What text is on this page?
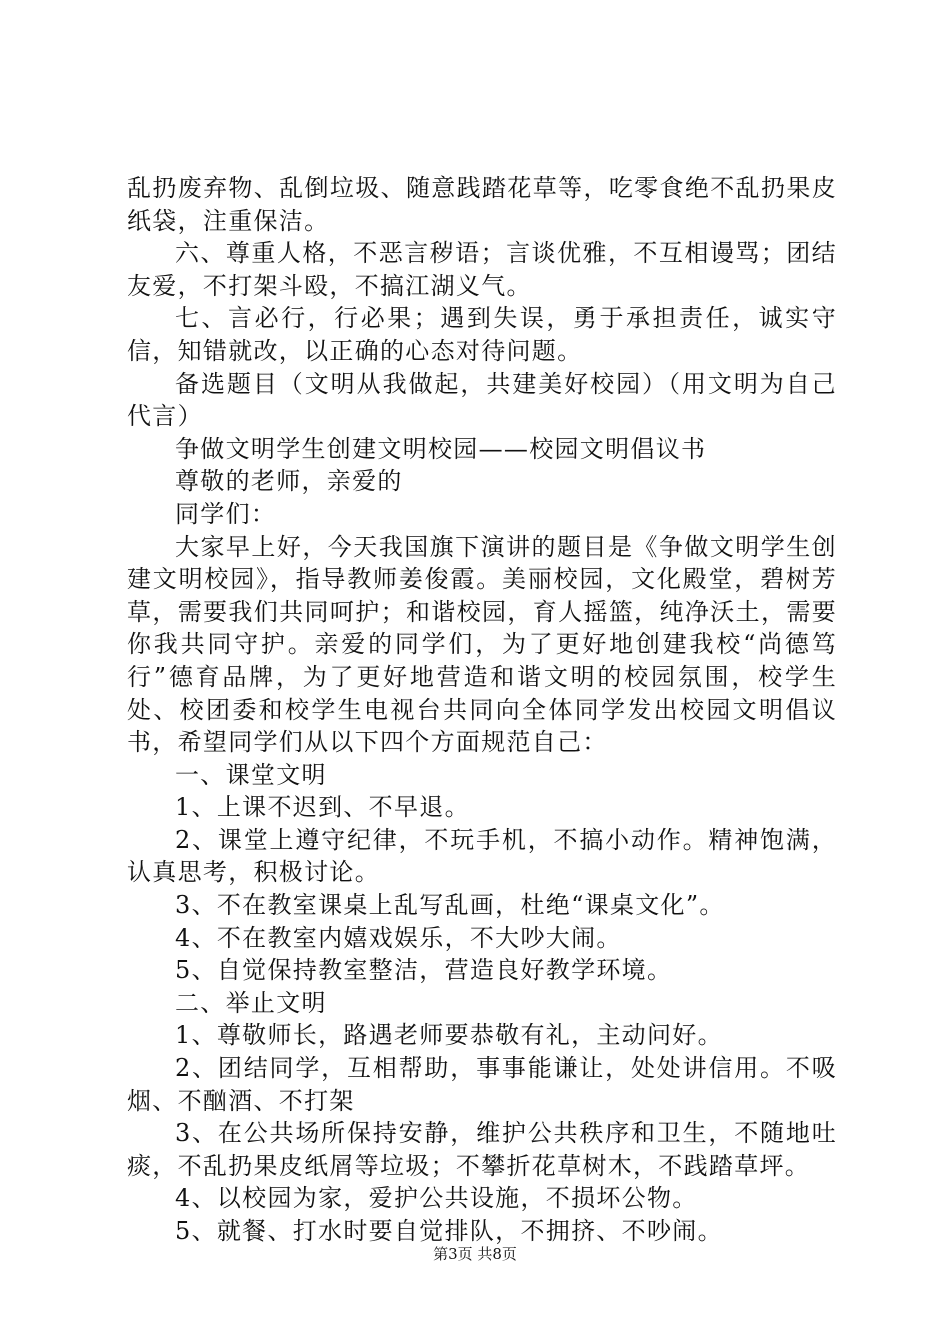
乱扔废弃物、乱倒垃圾、随意践踏花草等，吃零食绝不乱扔果皮纸袋，注重保洁。

六、尊重人格，不恶言秽语；言谈优雅，不互相谩骂；团结友爱，不打架斗殴，不搞江湖义气。

七、言必行，行必果；遇到失误，勇于承担责任，诚实守信，知错就改，以正确的心态对待问题。

备选题目（文明从我做起，共建美好校园）（用文明为自己代言）

争做文明学生创建文明校园——校园文明倡议书

尊敬的老师，亲爱的

同学们：

大家早上好，今天我国旗下演讲的题目是《争做文明学生创建文明校园》，指导教师姜俊霞。美丽校园，文化殿堂，碧树芳草，需要我们共同呵护；和谐校园，育人摇篮，纯净沃土，需要你我共同守护。亲爱的同学们，为了更好地创建我校“尚德笃行”德育品牌，为了更好地营造和谐文明的校园氛围，校学生处、校团委和校学生电视台共同向全体同学发出校园文明倡议书，希望同学们从以下四个方面规范自己：

一、课堂文明

1、上课不迟到、不早退。

2、课堂上遵守纪律，不玩手机，不搞小动作。精神饱满，认真思考，积极讨论。

3、不在教室课桌上乱写乱画，杜绝“课桌文化”。

4、不在教室内嬉戏娱乐，不大吵大闹。

5、自觉保持教室整洁，营造良好教学环境。

二、举止文明

1、尊敬师长，路遇老师要恭敬有礼，主动问好。

2、团结同学，互相帮助，事事能谦让，处处讲信用。不吸烟、不酗酒、不打架

3、在公共场所保持安静，维护公共秩序和卫生，不随地吐痰，不乱扔果皮纸屑等垃圾；不攀折花草树木，不践踏草坪。

4、以校园为家，爱护公共设施，不损坏公物。

5、就餐、打水时要自觉排队，不拥挤、不吵闹。

第3页 共8页
